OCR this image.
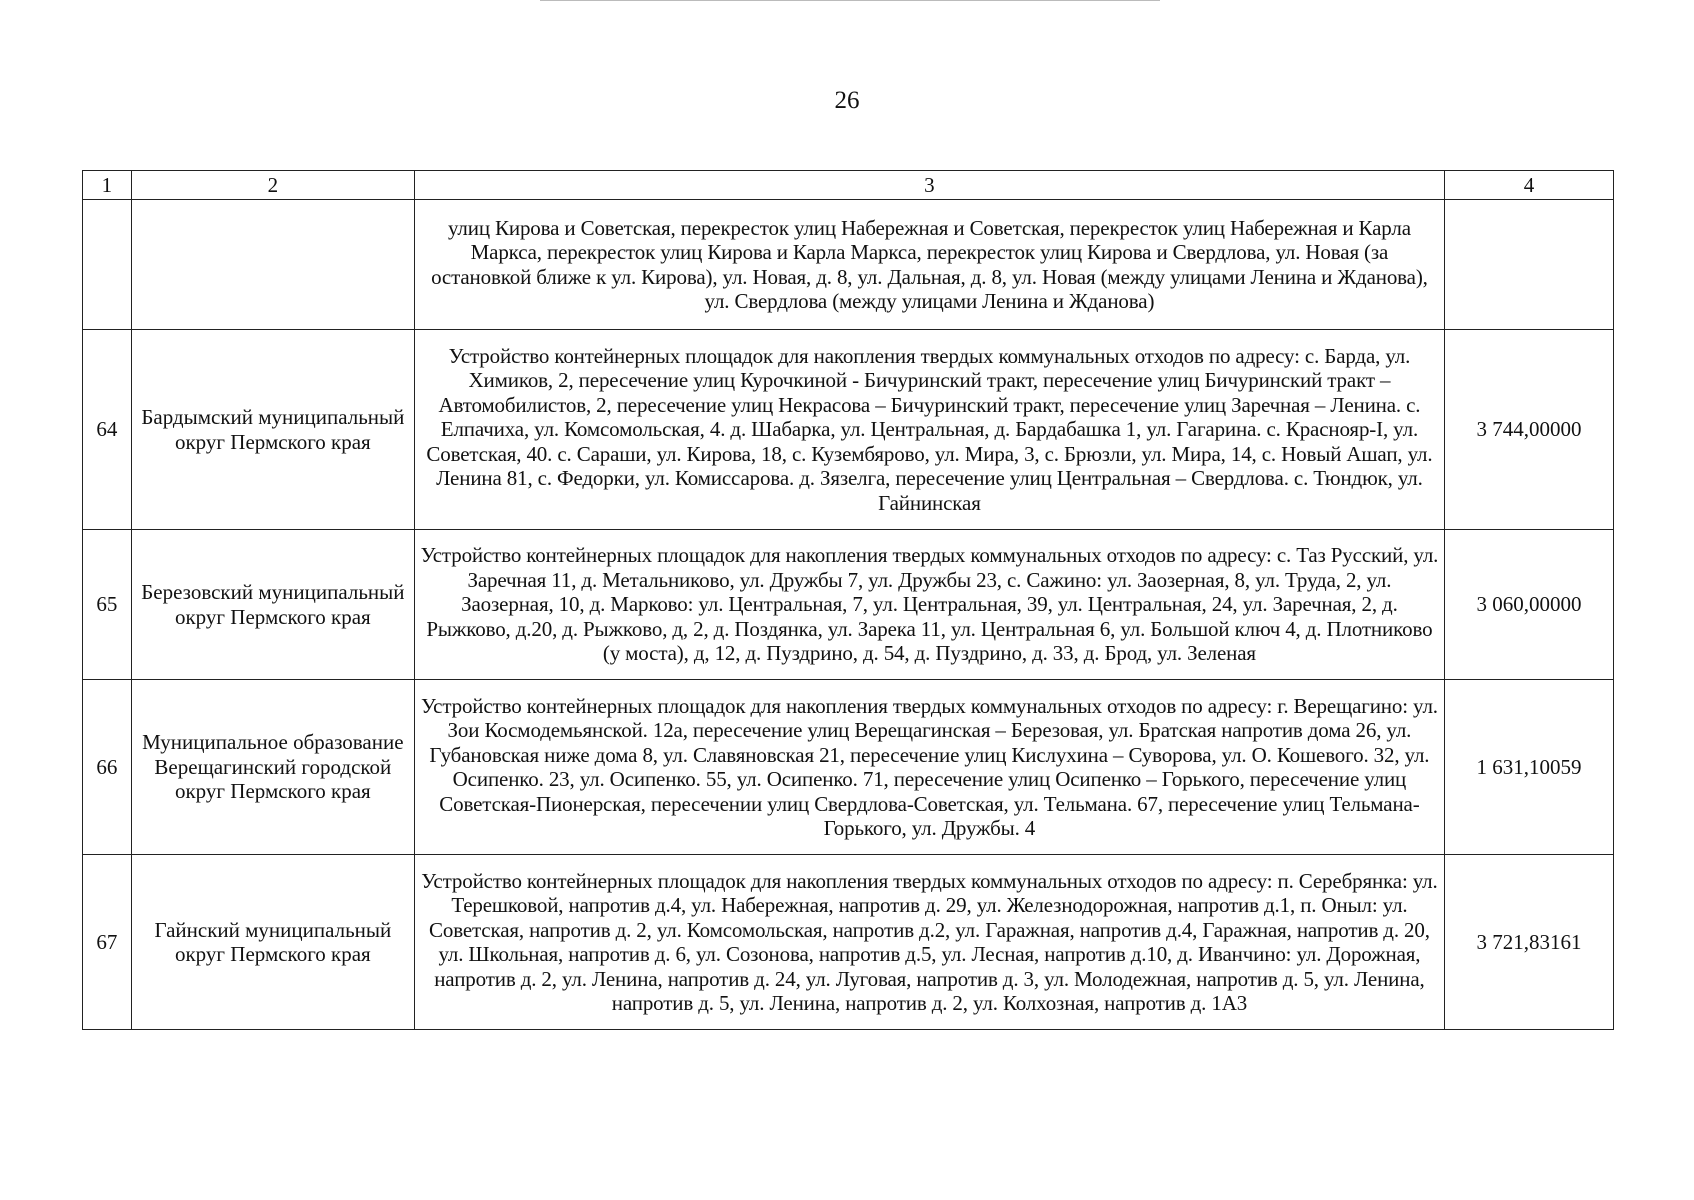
26
1	2	3	4
		улиц Кирова и Советская, перекресток улиц Набережная и Советская, перекресток улиц Набережная и Карла Маркса, перекресток улиц Кирова и Карла Маркса, перекресток улиц Кирова и Свердлова, ул. Новая (за остановкой ближе к ул. Кирова), ул. Новая, д. 8, ул. Дальная, д. 8, ул. Новая (между улицами Ленина и Жданова), ул. Свердлова (между улицами Ленина и Жданова)	
64	Бардымский муниципальный округ Пермского края	Устройство контейнерных площадок для накопления твердых коммунальных отходов по адресу: с. Барда, ул. Химиков, 2, пересечение улиц Курочкиной - Бичуринский тракт, пересечение улиц Бичуринский тракт – Автомобилистов, 2, пересечение улиц Некрасова – Бичуринский тракт, пересечение улиц Заречная – Ленина. с. Елпачиха, ул. Комсомольская, 4. д. Шабарка, ул. Центральная, д. Бардабашка 1, ул. Гагарина. с. Краснояр-I, ул. Советская, 40. с. Сараши, ул. Кирова, 18, с. Кузембярово, ул. Мира, 3, с. Брюзли, ул. Мира, 14, с. Новый Ашап, ул. Ленина 81, с. Федорки, ул. Комиссарова. д. Зязелга, пересечение улиц Центральная – Свердлова. с. Тюндюк, ул. Гайнинская	3 744,00000
65	Березовский муниципальный округ Пермского края	Устройство контейнерных площадок для накопления твердых коммунальных отходов по адресу: с. Таз Русский, ул. Заречная 11, д. Метальниково, ул. Дружбы 7, ул. Дружбы 23, с. Сажино: ул. Заозерная, 8, ул. Труда, 2, ул. Заозерная, 10, д. Марково: ул. Центральная, 7, ул. Центральная, 39, ул. Центральная, 24, ул. Заречная, 2, д. Рыжково, д.20, д. Рыжково, д, 2, д. Поздянка, ул. Зарека 11, ул. Центральная 6, ул. Большой ключ 4, д. Плотниково (у моста), д, 12, д. Пуздрино, д. 54, д. Пуздрино, д. 33, д. Брод, ул. Зеленая	3 060,00000
66	Муниципальное образование Верещагинский городской округ Пермского края	Устройство контейнерных площадок для накопления твердых коммунальных отходов по адресу: г. Верещагино: ул. Зои Космодемьянской. 12а, пересечение улиц Верещагинская – Березовая, ул. Братская напротив дома 26, ул. Губановская ниже дома 8, ул. Славяновская 21, пересечение улиц Кислухина – Суворова, ул. О. Кошевого. 32, ул. Осипенко. 23, ул. Осипенко. 55, ул. Осипенко. 71, пересечение улиц Осипенко – Горького, пересечение улиц Советская-Пионерская, пересечении улиц Свердлова-Советская, ул. Тельмана. 67, пересечение улиц Тельмана- Горького, ул. Дружбы. 4	1 631,10059
67	Гайнский муниципальный округ Пермского края	Устройство контейнерных площадок для накопления твердых коммунальных отходов по адресу: п. Серебрянка: ул. Терешковой, напротив д.4, ул. Набережная, напротив д. 29, ул. Железнодорожная, напротив д.1, п. Оныл: ул. Советская, напротив д. 2, ул. Комсомольская, напротив д.2, ул. Гаражная, напротив д.4, Гаражная, напротив д. 20, ул. Школьная, напротив д. 6, ул. Созонова, напротив д.5, ул. Лесная, напротив д.10, д. Иванчино: ул. Дорожная, напротив д. 2, ул. Ленина, напротив д. 24, ул. Луговая, напротив д. 3, ул. Молодежная, напротив д. 5, ул. Ленина, напротив д. 5, ул. Ленина, напротив д. 2, ул. Колхозная, напротив д. 1А3	3 721,83161
